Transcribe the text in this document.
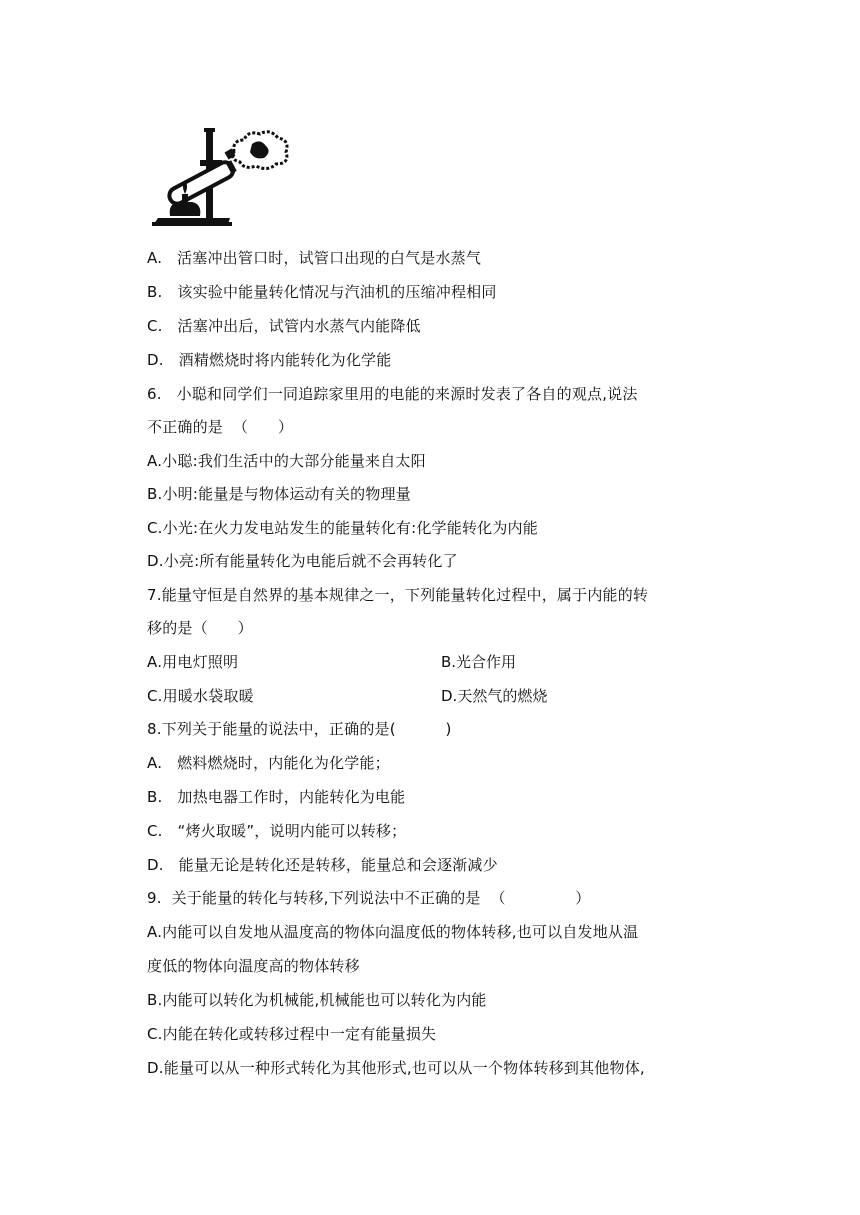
A.   活塞冲出管口时，试管口出现的白气是水蒸气
B.   该实验中能量转化情况与汽油机的压缩冲程相同
C.   活塞冲出后，试管内水蒸气内能降低
D.   酒精燃烧时将内能转化为化学能
6.   小聪和同学们一同追踪家里用的电能的来源时发表了各自的观点,说法
不正确的是  （      ）
A.小聪:我们生活中的大部分能量来自太阳
B.小明:能量是与物体运动有关的物理量
C.小光:在火力发电站发生的能量转化有:化学能转化为内能
D.小亮:所有能量转化为电能后就不会再转化了
7.能量守恒是自然界的基本规律之一，下列能量转化过程中，属于内能的转
移的是（      ）
A.用电灯照明	B.光合作用
C.用暖水袋取暖	D.天然气的燃烧
8.下列关于能量的说法中，正确的是(          )
A.   燃料燃烧时，内能化为化学能；
B.   加热电器工作时，内能转化为电能
C.   “烤火取暖”，说明内能可以转移；
D.   能量无论是转化还是转移，能量总和会逐渐减少
9.  关于能量的转化与转移,下列说法中不正确的是  （              ）
A.内能可以自发地从温度高的物体向温度低的物体转移,也可以自发地从温
度低的物体向温度高的物体转移
B.内能可以转化为机械能,机械能也可以转化为内能
C.内能在转化或转移过程中一定有能量损失
D.能量可以从一种形式转化为其他形式,也可以从一个物体转移到其他物体,
